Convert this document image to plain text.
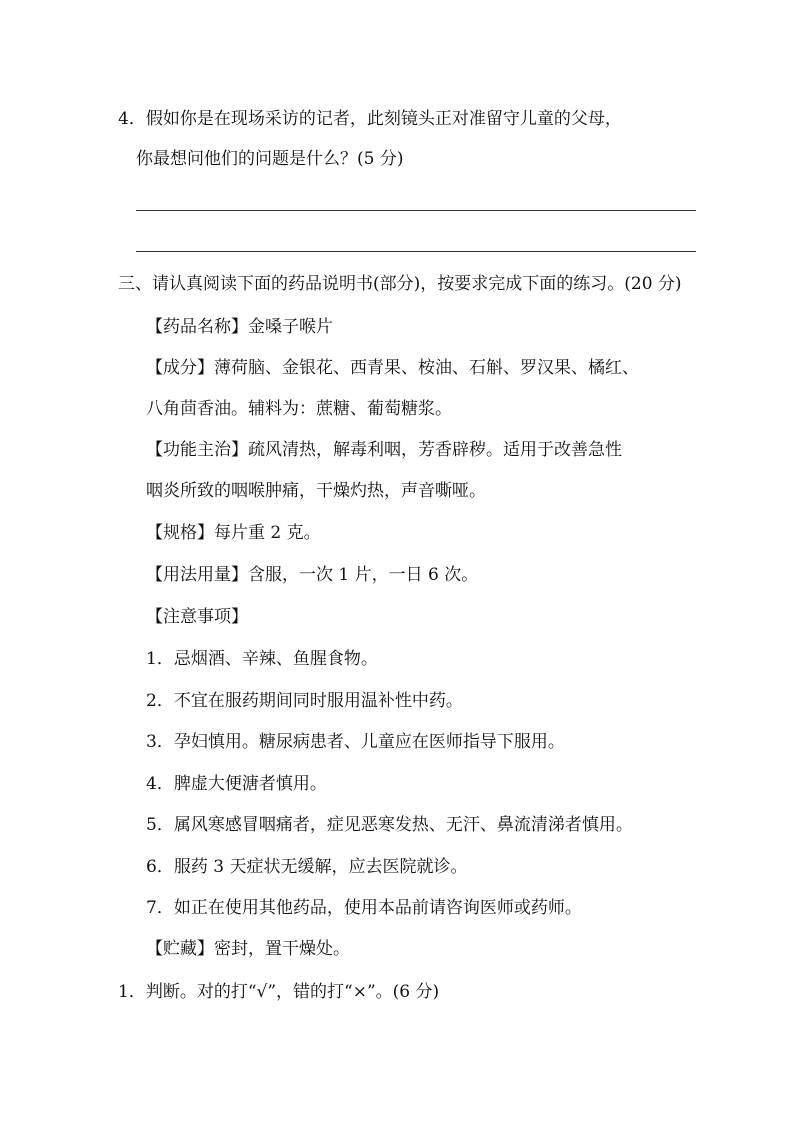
4．假如你是在现场采访的记者，此刻镜头正对准留守儿童的父母，
你最想问他们的问题是什么？(5 分)
三、请认真阅读下面的药品说明书(部分)，按要求完成下面的练习。(20 分)
【药品名称】金嗓子喉片
【成分】薄荷脑、金银花、西青果、桉油、石斛、罗汉果、橘红、
八角茴香油。辅料为：蔗糖、葡萄糖浆。
【功能主治】疏风清热，解毒利咽，芳香辟秽。适用于改善急性
咽炎所致的咽喉肿痛，干燥灼热，声音嘶哑。
【规格】每片重 2 克。
【用法用量】含服，一次 1 片，一日 6 次。
【注意事项】
1．忌烟酒、辛辣、鱼腥食物。
2．不宜在服药期间同时服用温补性中药。
3．孕妇慎用。糖尿病患者、儿童应在医师指导下服用。
4．脾虚大便溏者慎用。
5．属风寒感冒咽痛者，症见恶寒发热、无汗、鼻流清涕者慎用。
6．服药 3 天症状无缓解，应去医院就诊。
7．如正在使用其他药品，使用本品前请咨询医师或药师。
【贮藏】密封，置干燥处。
1．判断。对的打“√”，错的打“×”。(6 分)
